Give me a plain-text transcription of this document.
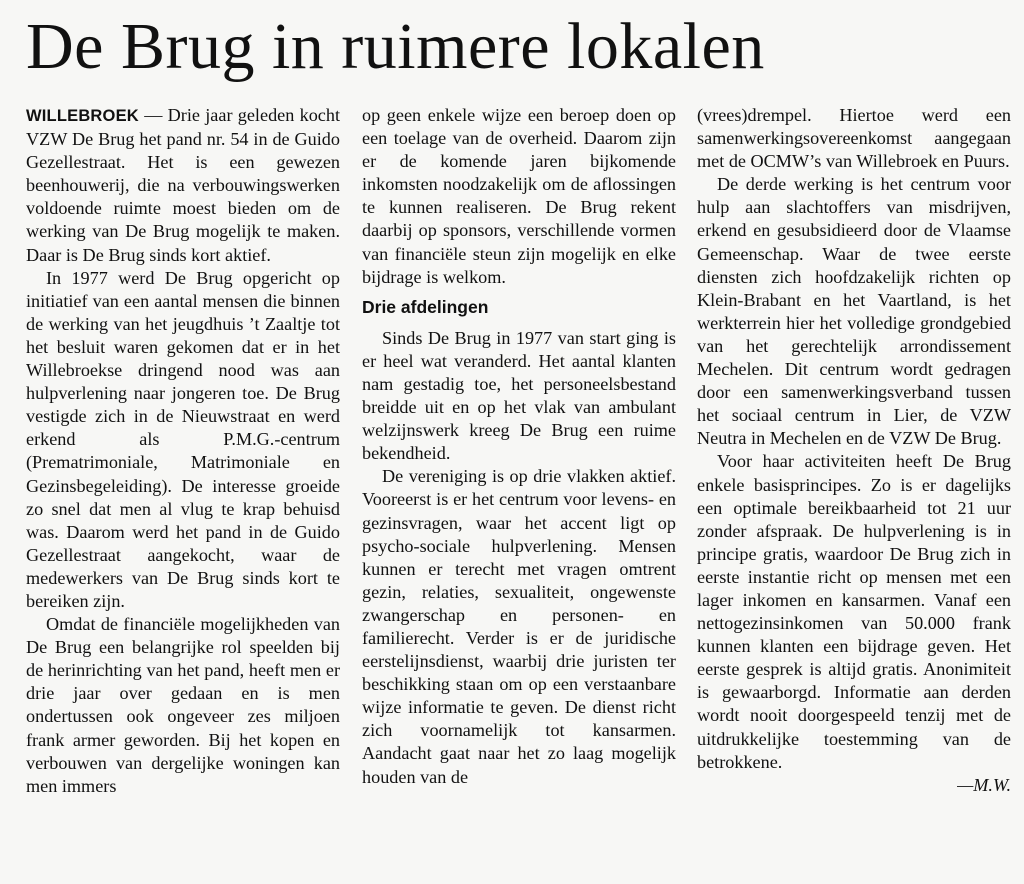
De Brug in ruimere lokalen

WILLEBROEK — Drie jaar geleden kocht VZW De Brug het pand nr. 54 in de Guido Gezellestraat. Het is een gewezen beenhouwerij, die na verbouwingswerken voldoende ruimte moest bieden om de werking van De Brug mogelijk te maken. Daar is De Brug sinds kort aktief.

In 1977 werd De Brug opgericht op initiatief van een aantal mensen die binnen de werking van het jeugdhuis ’t Zaaltje tot het besluit waren gekomen dat er in het Willebroekse dringend nood was aan hulpverlening naar jongeren toe. De Brug vestigde zich in de Nieuwstraat en werd erkend als P.M.G.-centrum (Prematrimoniale, Matrimoniale en Gezinsbegeleiding). De interesse groeide zo snel dat men al vlug te krap behuisd was. Daarom werd het pand in de Guido Gezellestraat aangekocht, waar de medewerkers van De Brug sinds kort te bereiken zijn.

Omdat de financiële mogelijkheden van De Brug een belangrijke rol speelden bij de herinrichting van het pand, heeft men er drie jaar over gedaan en is men ondertussen ook ongeveer zes miljoen frank armer geworden. Bij het kopen en verbouwen van dergelijke woningen kan men immers

op geen enkele wijze een beroep doen op een toelage van de overheid. Daarom zijn er de komende jaren bijkomende inkomsten noodzakelijk om de aflossingen te kunnen realiseren. De Brug rekent daarbij op sponsors, verschillende vormen van financiële steun zijn mogelijk en elke bijdrage is welkom.

Drie afdelingen

Sinds De Brug in 1977 van start ging is er heel wat veranderd. Het aantal klanten nam gestadig toe, het personeelsbestand breidde uit en op het vlak van ambulant welzijnswerk kreeg De Brug een ruime bekendheid.

De vereniging is op drie vlakken aktief. Vooreerst is er het centrum voor levens- en gezinsvragen, waar het accent ligt op psycho-sociale hulpverlening. Mensen kunnen er terecht met vragen omtrent gezin, relaties, sexualiteit, ongewenste zwangerschap en personen- en familierecht. Verder is er de juridische eerstelijnsdienst, waarbij drie juristen ter beschikking staan om op een verstaanbare wijze informatie te geven. De dienst richt zich voornamelijk tot kansarmen. Aandacht gaat naar het zo laag mogelijk houden van de

(vrees)drempel. Hiertoe werd een samenwerkingsovereenkomst aangegaan met de OCMW’s van Willebroek en Puurs.

De derde werking is het centrum voor hulp aan slachtoffers van misdrijven, erkend en gesubsidieerd door de Vlaamse Gemeenschap. Waar de twee eerste diensten zich hoofdzakelijk richten op Klein-Brabant en het Vaartland, is het werkterrein hier het volledige grondgebied van het gerechtelijk arrondissement Mechelen. Dit centrum wordt gedragen door een samenwerkingsverband tussen het sociaal centrum in Lier, de VZW Neutra in Mechelen en de VZW De Brug.

Voor haar activiteiten heeft De Brug enkele basisprincipes. Zo is er dagelijks een optimale bereikbaarheid tot 21 uur zonder afspraak. De hulpverlening is in principe gratis, waardoor De Brug zich in eerste instantie richt op mensen met een lager inkomen en kansarmen. Vanaf een nettogezinsinkomen van 50.000 frank kunnen klanten een bijdrage geven. Het eerste gesprek is altijd gratis. Anonimiteit is gewaarborgd. Informatie aan derden wordt nooit doorgespeeld tenzij met de uitdrukkelijke toestemming van de betrokkene.
—M.W.
